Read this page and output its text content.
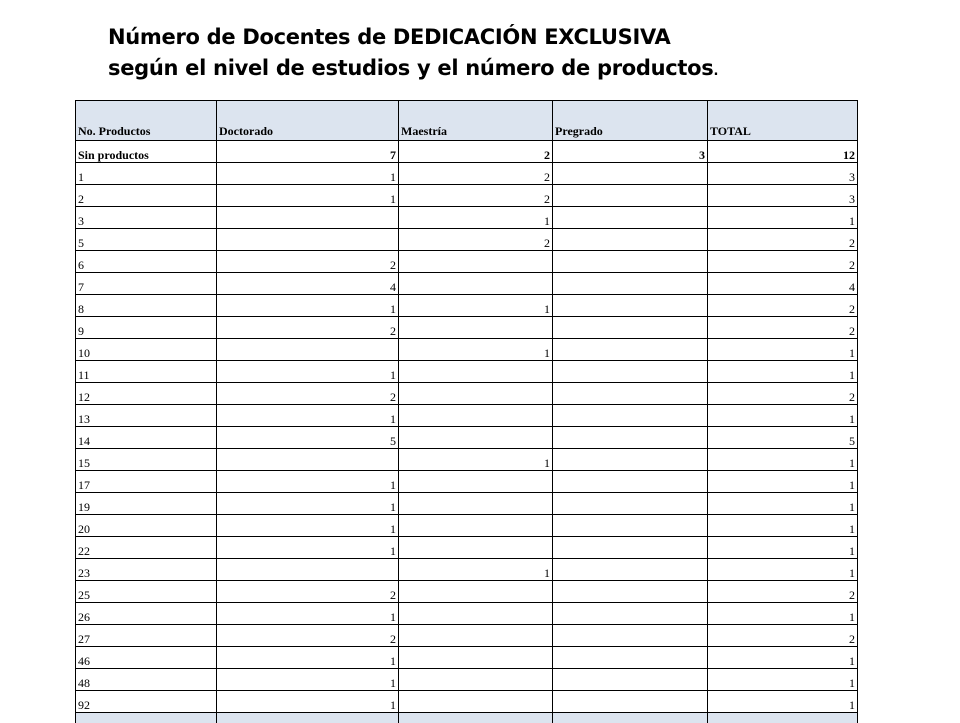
Número de Docentes de DEDICACIÓN EXCLUSIVA
según el nivel de estudios y el número de productos.
No. Productos	Doctorado	Maestría	Pregrado	TOTAL
Sin productos	7	2	3	12
1	1	2		3
2	1	2		3
3		1		1
5		2		2
6	2			2
7	4			4
8	1	1		2
9	2			2
10		1		1
11	1			1
12	2			2
13	1			1
14	5			5
15		1		1
17	1			1
19	1			1
20	1			1
22	1			1
23		1		1
25	2			2
26	1			1
27	2			2
46	1			1
48	1			1
92	1			1
